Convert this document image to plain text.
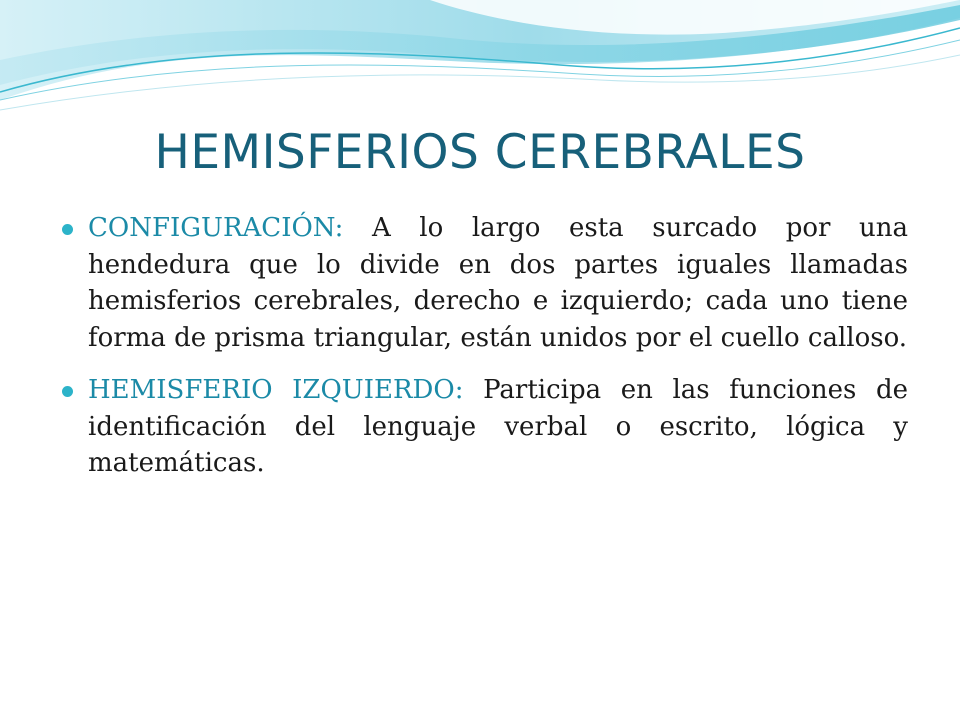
HEMISFERIOS CEREBRALES
CONFIGURACIÓN: A lo largo esta surcado por una hendedura que lo divide en dos partes iguales llamadas hemisferios cerebrales, derecho e izquierdo; cada uno tiene forma de prisma triangular, están unidos por el cuello calloso.
HEMISFERIO IZQUIERDO: Participa en las funciones de identificación del lenguaje verbal o escrito, lógica y matemáticas.
